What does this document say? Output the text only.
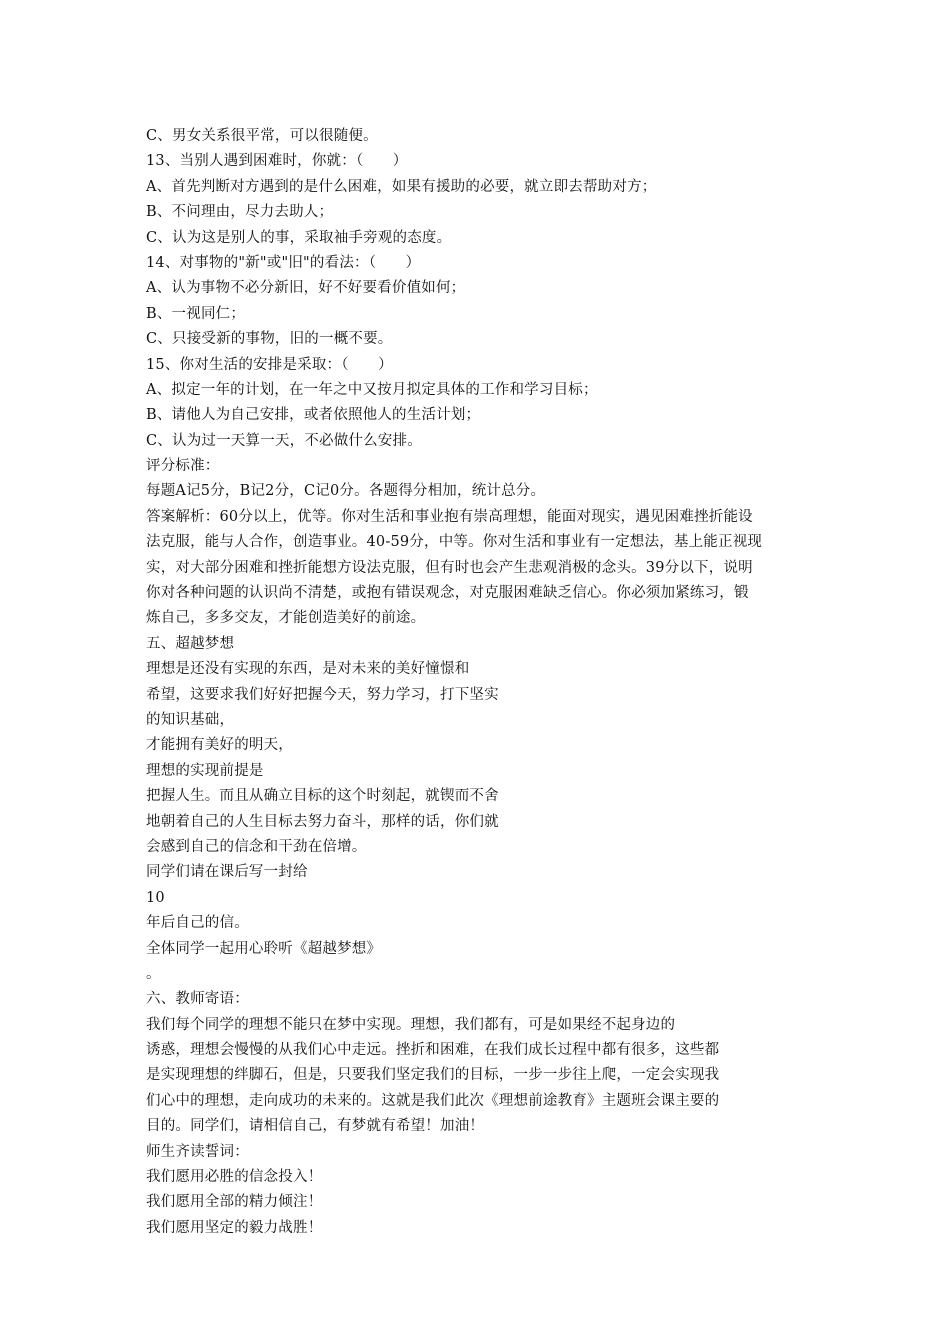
C、男女关系很平常，可以很随便。
13、当别人遇到困难时，你就：（　　）
A、首先判断对方遇到的是什么困难，如果有援助的必要，就立即去帮助对方；
B、不问理由，尽力去助人；
C、认为这是别人的事，采取袖手旁观的态度。
14、对事物的"新"或"旧"的看法：（　　）
A、认为事物不必分新旧，好不好要看价值如何；
B、一视同仁；
C、只接受新的事物，旧的一概不要。
15、你对生活的安排是采取：（　　）
A、拟定一年的计划，在一年之中又按月拟定具体的工作和学习目标；
B、请他人为自己安排，或者依照他人的生活计划；
C、认为过一天算一天，不必做什么安排。
评分标准：
每题A记5分，B记2分，C记0分。各题得分相加，统计总分。
答案解析：60分以上，优等。你对生活和事业抱有崇高理想，能面对现实，遇见困难挫折能设
法克服，能与人合作，创造事业。40-59分，中等。你对生活和事业有一定想法，基上能正视现
实，对大部分困难和挫折能想方设法克服，但有时也会产生悲观消极的念头。39分以下，说明
你对各种问题的认识尚不清楚，或抱有错误观念，对克服困难缺乏信心。你必须加紧练习，锻
炼自己，多多交友，才能创造美好的前途。
五、超越梦想
理想是还没有实现的东西，是对未来的美好憧憬和
希望，这要求我们好好把握今天，努力学习，打下坚实
的知识基础，
才能拥有美好的明天，
理想的实现前提是
把握人生。而且从确立目标的这个时刻起，就锲而不舍
地朝着自己的人生目标去努力奋斗，那样的话，你们就
会感到自己的信念和干劲在倍增。
同学们请在课后写一封给
10
年后自己的信。
全体同学一起用心聆听《超越梦想》
。
六、教师寄语：
我们每个同学的理想不能只在梦中实现。理想，我们都有，可是如果经不起身边的
诱惑，理想会慢慢的从我们心中走远。挫折和困难，在我们成长过程中都有很多，这些都
是实现理想的绊脚石，但是，只要我们坚定我们的目标，一步一步往上爬，一定会实现我
们心中的理想，走向成功的未来的。这就是我们此次《理想前途教育》主题班会课主要的
目的。同学们，请相信自己，有梦就有希望！加油！
师生齐读誓词：
我们愿用必胜的信念投入！
我们愿用全部的精力倾注！
我们愿用坚定的毅力战胜！
